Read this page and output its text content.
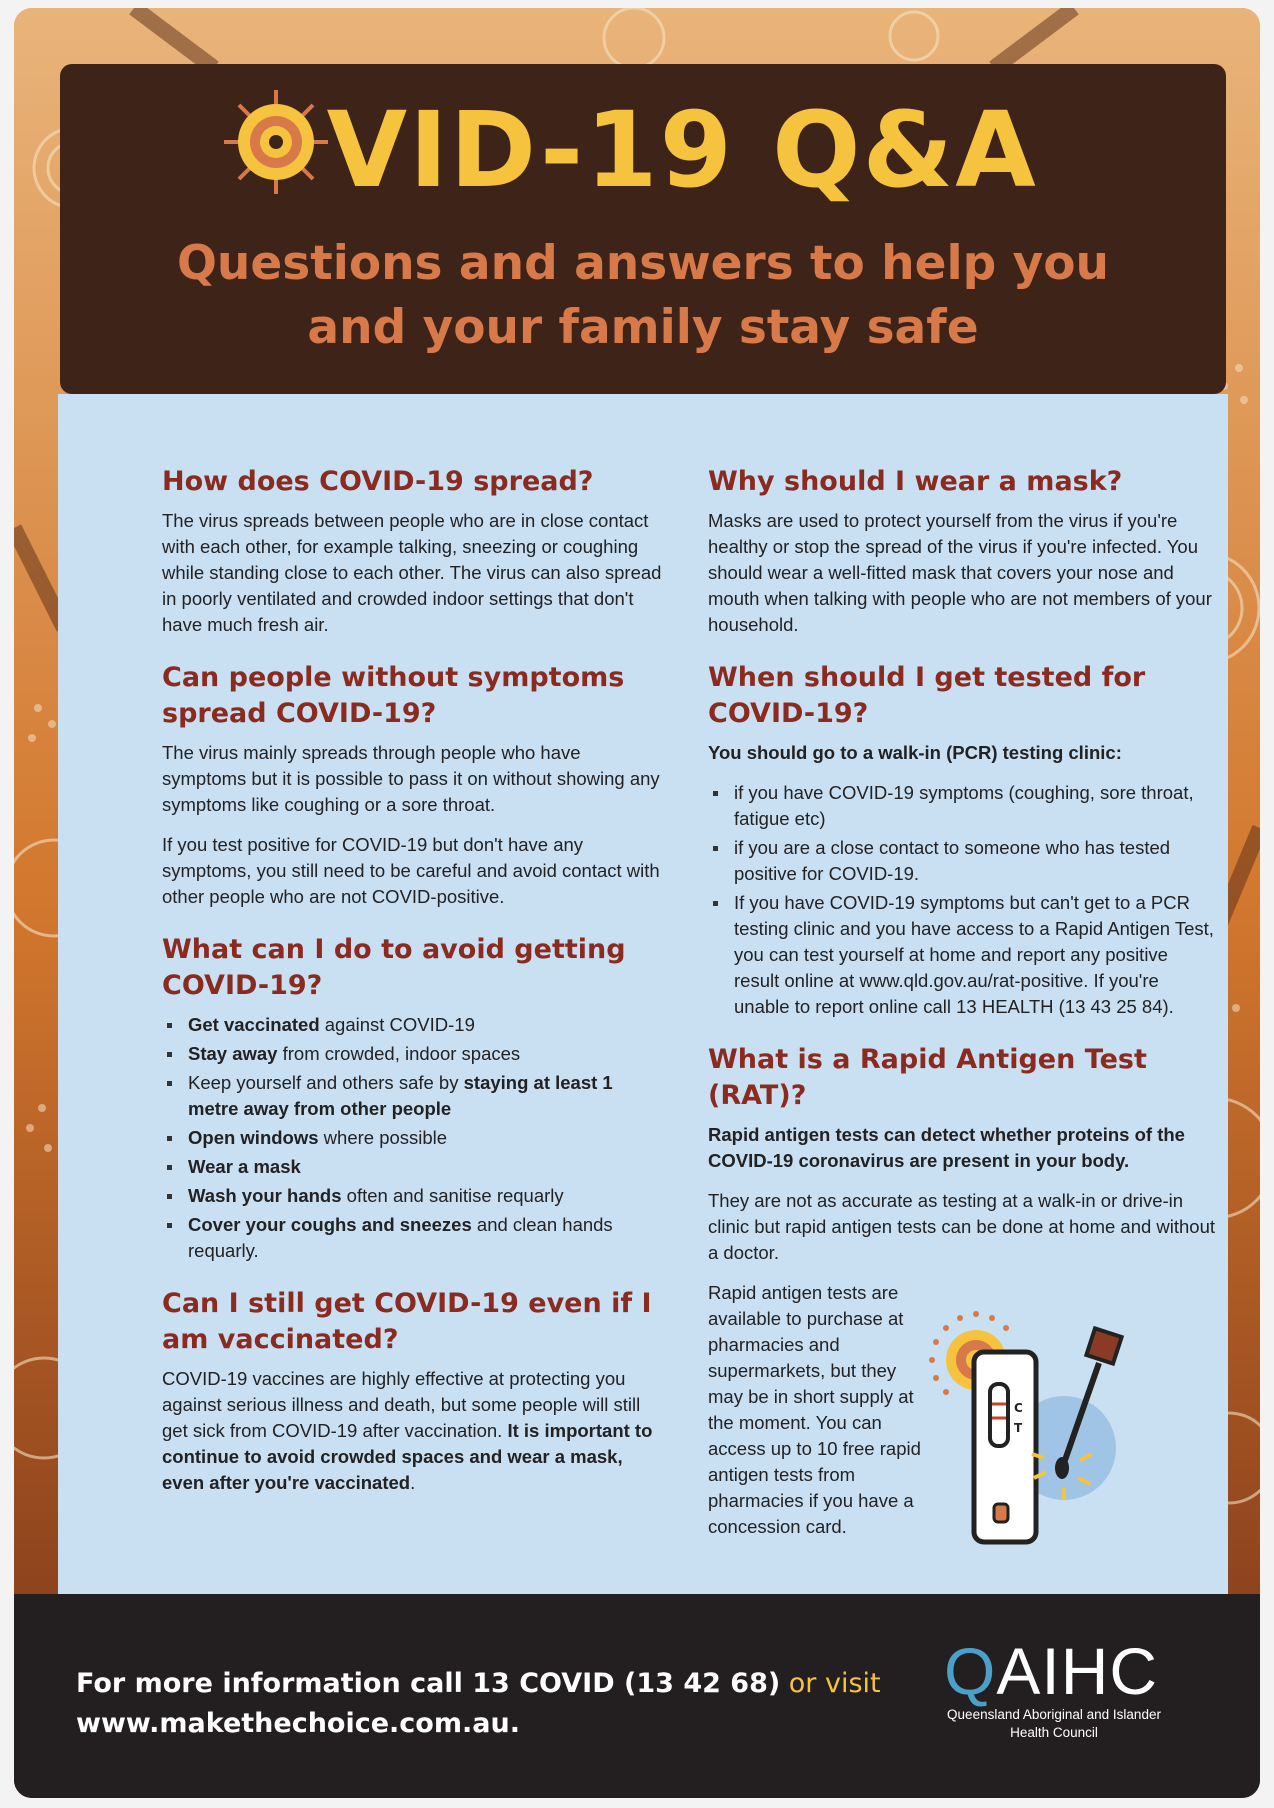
VID-19 Q&A
Questions and answers to help you
and your family stay safe
How does COVID-19 spread?

The virus spreads between people who are in close contact with each other, for example talking, sneezing or coughing while standing close to each other. The virus can also spread in poorly ventilated and crowded indoor settings that don't have much fresh air.

Can people without symptoms spread COVID-19?

The virus mainly spreads through people who have symptoms but it is possible to pass it on without showing any symptoms like coughing or a sore throat.

If you test positive for COVID-19 but don't have any symptoms, you still need to be careful and avoid contact with other people who are not COVID-positive.

What can I do to avoid getting COVID-19?
Get vaccinated against COVID-19
Stay away from crowded, indoor spaces
Keep yourself and others safe by staying at least 1 metre away from other people
Open windows where possible
Wear a mask
Wash your hands often and sanitise requarly
Cover your coughs and sneezes and clean hands requarly.
Can I still get COVID-19 even if I am vaccinated?

COVID-19 vaccines are highly effective at protecting you against serious illness and death, but some people will still get sick from COVID-19 after vaccination. It is important to continue to avoid crowded spaces and wear a mask, even after you're vaccinated.

Why should I wear a mask?

Masks are used to protect yourself from the virus if you're healthy or stop the spread of the virus if you're infected. You should wear a well-fitted mask that covers your nose and mouth when talking with people who are not members of your household.

When should I get tested for COVID-19?

You should go to a walk-in (PCR) testing clinic:

if you have COVID-19 symptoms (coughing, sore throat, fatigue etc)
if you are a close contact to someone who has tested positive for COVID-19.
If you have COVID-19 symptoms but can't get to a PCR testing clinic and you have access to a Rapid Antigen Test, you can test yourself at home and report any positive result online at www.qld.gov.au/rat-positive. If you're unable to report online call 13 HEALTH (13 43 25 84).
What is a Rapid Antigen Test (RAT)?

Rapid antigen tests can detect whether proteins of the COVID-19 coronavirus are present in your body.

They are not as accurate as testing at a walk-in or drive-in clinic but rapid antigen tests can be done at home and without a doctor.

Rapid antigen tests are available to purchase at pharmacies and supermarkets, but they may be in short supply at the moment. You can access up to 10 free rapid antigen tests from pharmacies if you have a concession card.

C
T
For more information call 13 COVID (13 42 68) or visit
www.makethechoice.com.au.
QAIHC
Queensland Aboriginal and Islander Health Council
